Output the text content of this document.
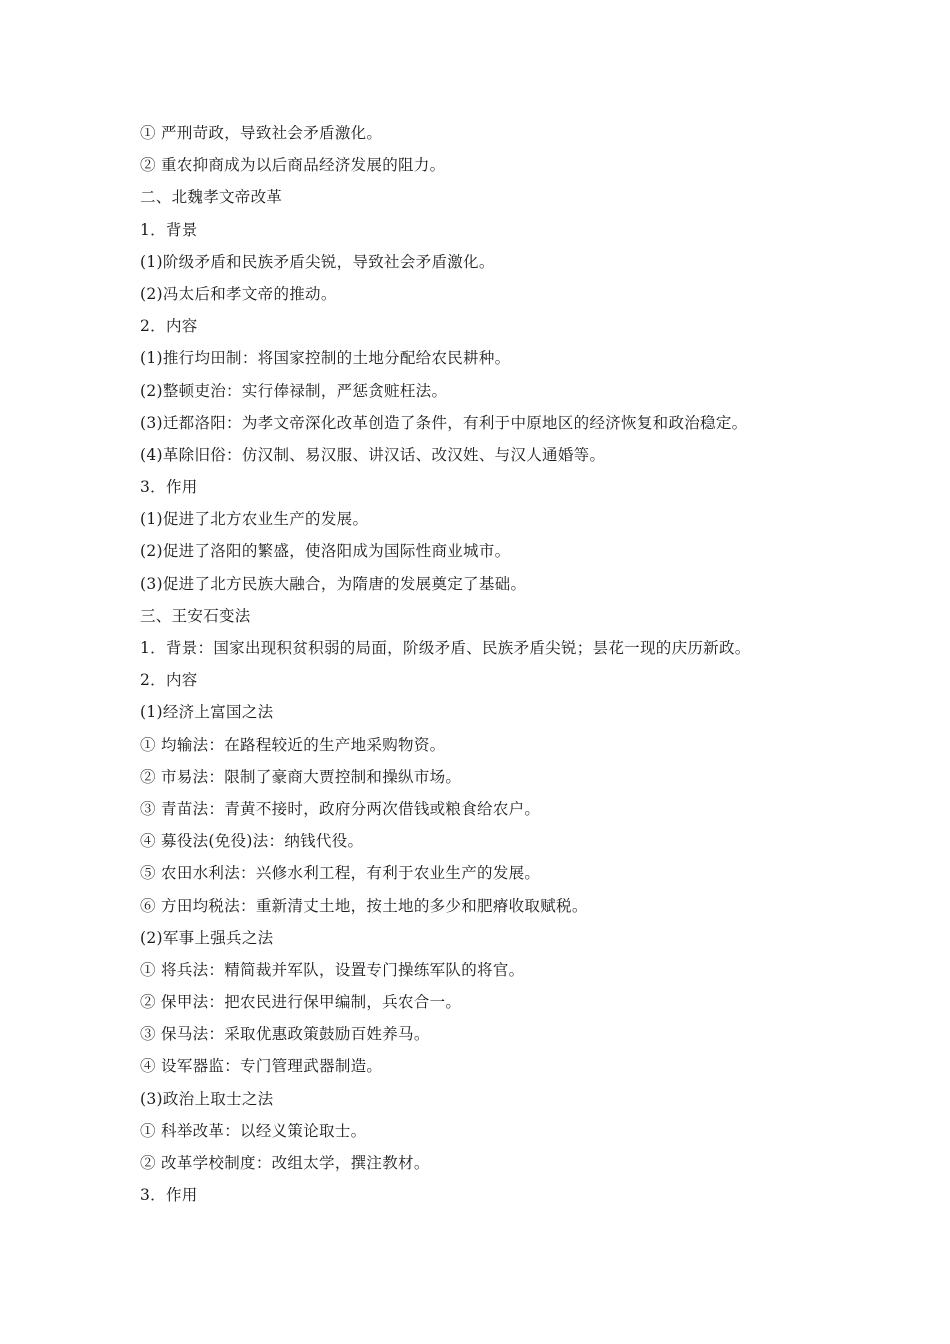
① 严刑苛政，导致社会矛盾激化。
② 重农抑商成为以后商品经济发展的阻力。
二、北魏孝文帝改革
1．背景
(1)阶级矛盾和民族矛盾尖锐，导致社会矛盾激化。
(2)冯太后和孝文帝的推动。
2．内容
(1)推行均田制：将国家控制的土地分配给农民耕种。
(2)整顿吏治：实行俸禄制，严惩贪赃枉法。
(3)迁都洛阳：为孝文帝深化改革创造了条件，有利于中原地区的经济恢复和政治稳定。
(4)革除旧俗：仿汉制、易汉服、讲汉话、改汉姓、与汉人通婚等。
3．作用
(1)促进了北方农业生产的发展。
(2)促进了洛阳的繁盛，使洛阳成为国际性商业城市。
(3)促进了北方民族大融合，为隋唐的发展奠定了基础。
三、王安石变法
1．背景：国家出现积贫积弱的局面，阶级矛盾、民族矛盾尖锐；昙花一现的庆历新政。
2．内容
(1)经济上富国之法
① 均输法：在路程较近的生产地采购物资。
② 市易法：限制了豪商大贾控制和操纵市场。
③ 青苗法：青黄不接时，政府分两次借钱或粮食给农户。
④ 募役法(免役)法：纳钱代役。
⑤ 农田水利法：兴修水利工程，有利于农业生产的发展。
⑥ 方田均税法：重新清丈土地，按土地的多少和肥瘠收取赋税。
(2)军事上强兵之法
① 将兵法：精简裁并军队，设置专门操练军队的将官。
② 保甲法：把农民进行保甲编制，兵农合一。
③ 保马法：采取优惠政策鼓励百姓养马。
④ 设军器监：专门管理武器制造。
(3)政治上取士之法
① 科举改革：以经义策论取士。
② 改革学校制度：改组太学，撰注教材。
3．作用
